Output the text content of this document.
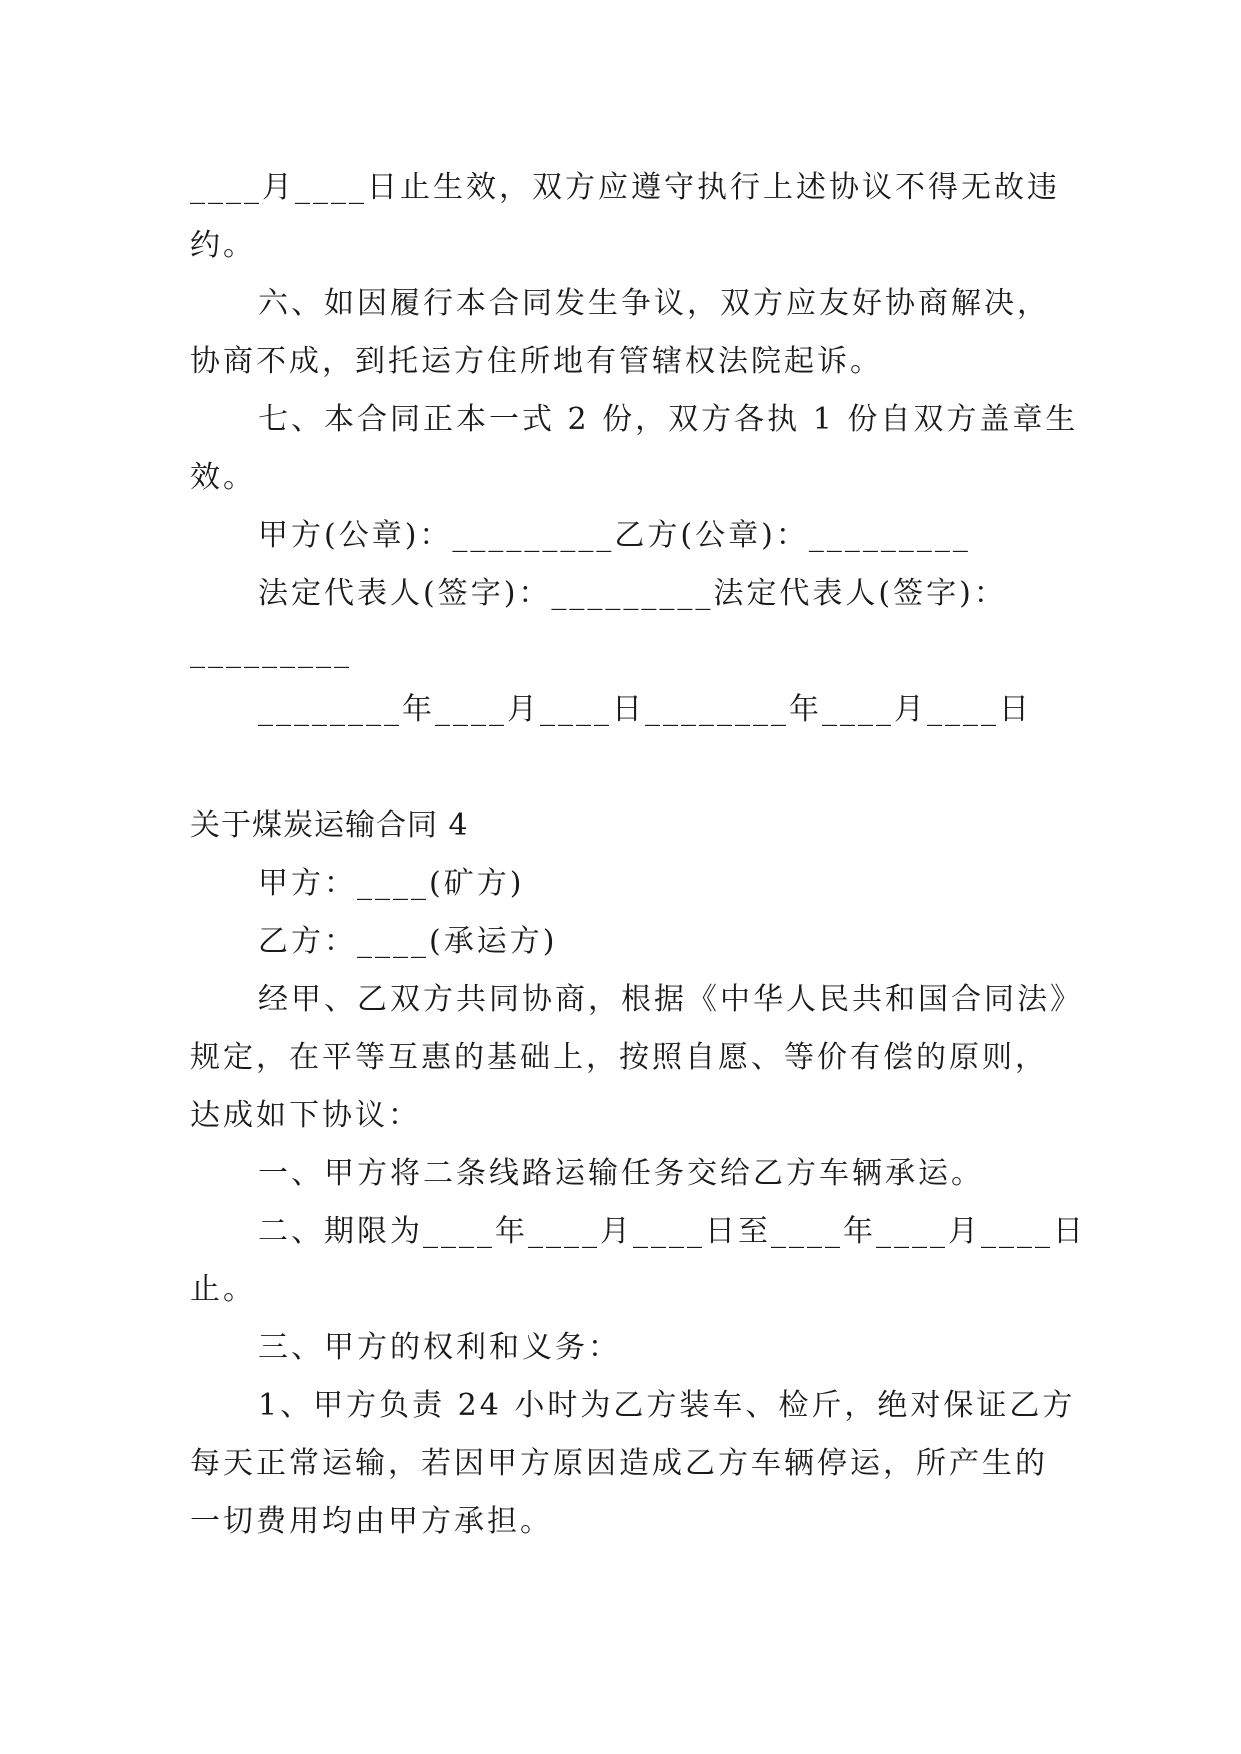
____月____日止生效，双方应遵守执行上述协议不得无故违
约。
六、如因履行本合同发生争议，双方应友好协商解决，
协商不成，到托运方住所地有管辖权法院起诉。
七、本合同正本一式 2 份，双方各执 1 份自双方盖章生
效。
甲方(公章)：_________乙方(公章)：_________
法定代表人(签字)：_________法定代表人(签字)：
_________
________年____月____日________年____月____日
关于煤炭运输合同 4
甲方：____(矿方)
乙方：____(承运方)
经甲、乙双方共同协商，根据《中华人民共和国合同法》
规定，在平等互惠的基础上，按照自愿、等价有偿的原则，
达成如下协议：
一、甲方将二条线路运输任务交给乙方车辆承运。
二、期限为____年____月____日至____年____月____日
止。
三、甲方的权利和义务：
1、甲方负责 24 小时为乙方装车、检斤，绝对保证乙方
每天正常运输，若因甲方原因造成乙方车辆停运，所产生的
一切费用均由甲方承担。
